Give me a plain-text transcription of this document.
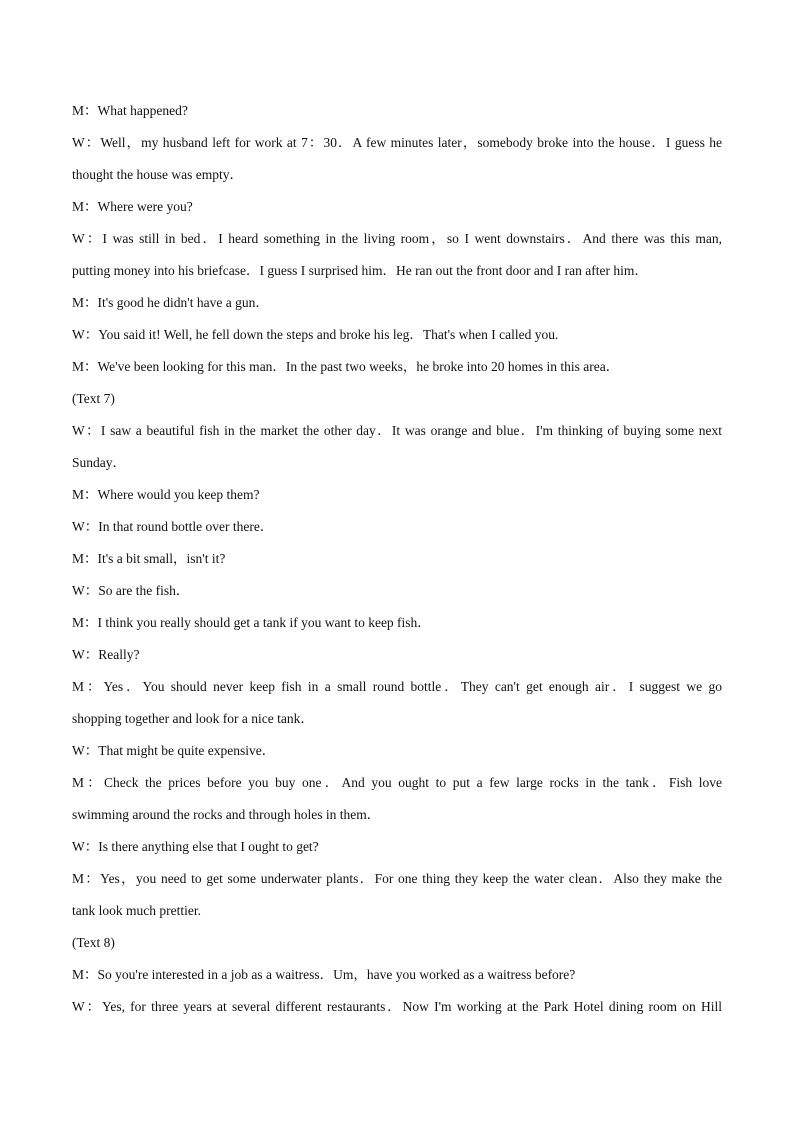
M：What happened?
W：Well，my husband left for work at 7：30．A few minutes later，somebody broke into the house．I guess he
thought the house was empty．
M：Where were you?
W：I was still in bed．I heard something in the living room，so I went downstairs．And there was this man,
putting money into his briefcase．I guess I surprised him．He ran out the front door and I ran after him．
M：It's good he didn't have a gun．
W：You said it! Well, he fell down the steps and broke his leg．That's when I called you.
M：We've been looking for this man．In the past two weeks，he broke into 20 homes in this area．
(Text 7)
W：I saw a beautiful fish in the market the other day．It was orange and blue．I'm thinking of buying some next
Sunday．
M：Where would you keep them?
W：In that round bottle over there．
M：It's a bit small，isn't it?
W：So are the fish．
M：I think you really should get a tank if you want to keep fish．
W：Really?
M：Yes．You should never keep fish in a small round bottle．They can't get enough air．I suggest we go
shopping together and look for a nice tank．
W：That might be quite expensive．
M：Check the prices before you buy one．And you ought to put a few large rocks in the tank．Fish love
swimming around the rocks and through holes in them．
W：Is there anything else that I ought to get?
M：Yes，you need to get some underwater plants．For one thing they keep the water clean．Also they make the
tank look much prettier.
(Text 8)
M：So you're interested in a job as a waitress．Um，have you worked as a waitress before?
W：Yes, for three years at several different restaurants．Now I'm working at the Park Hotel dining room on Hill
